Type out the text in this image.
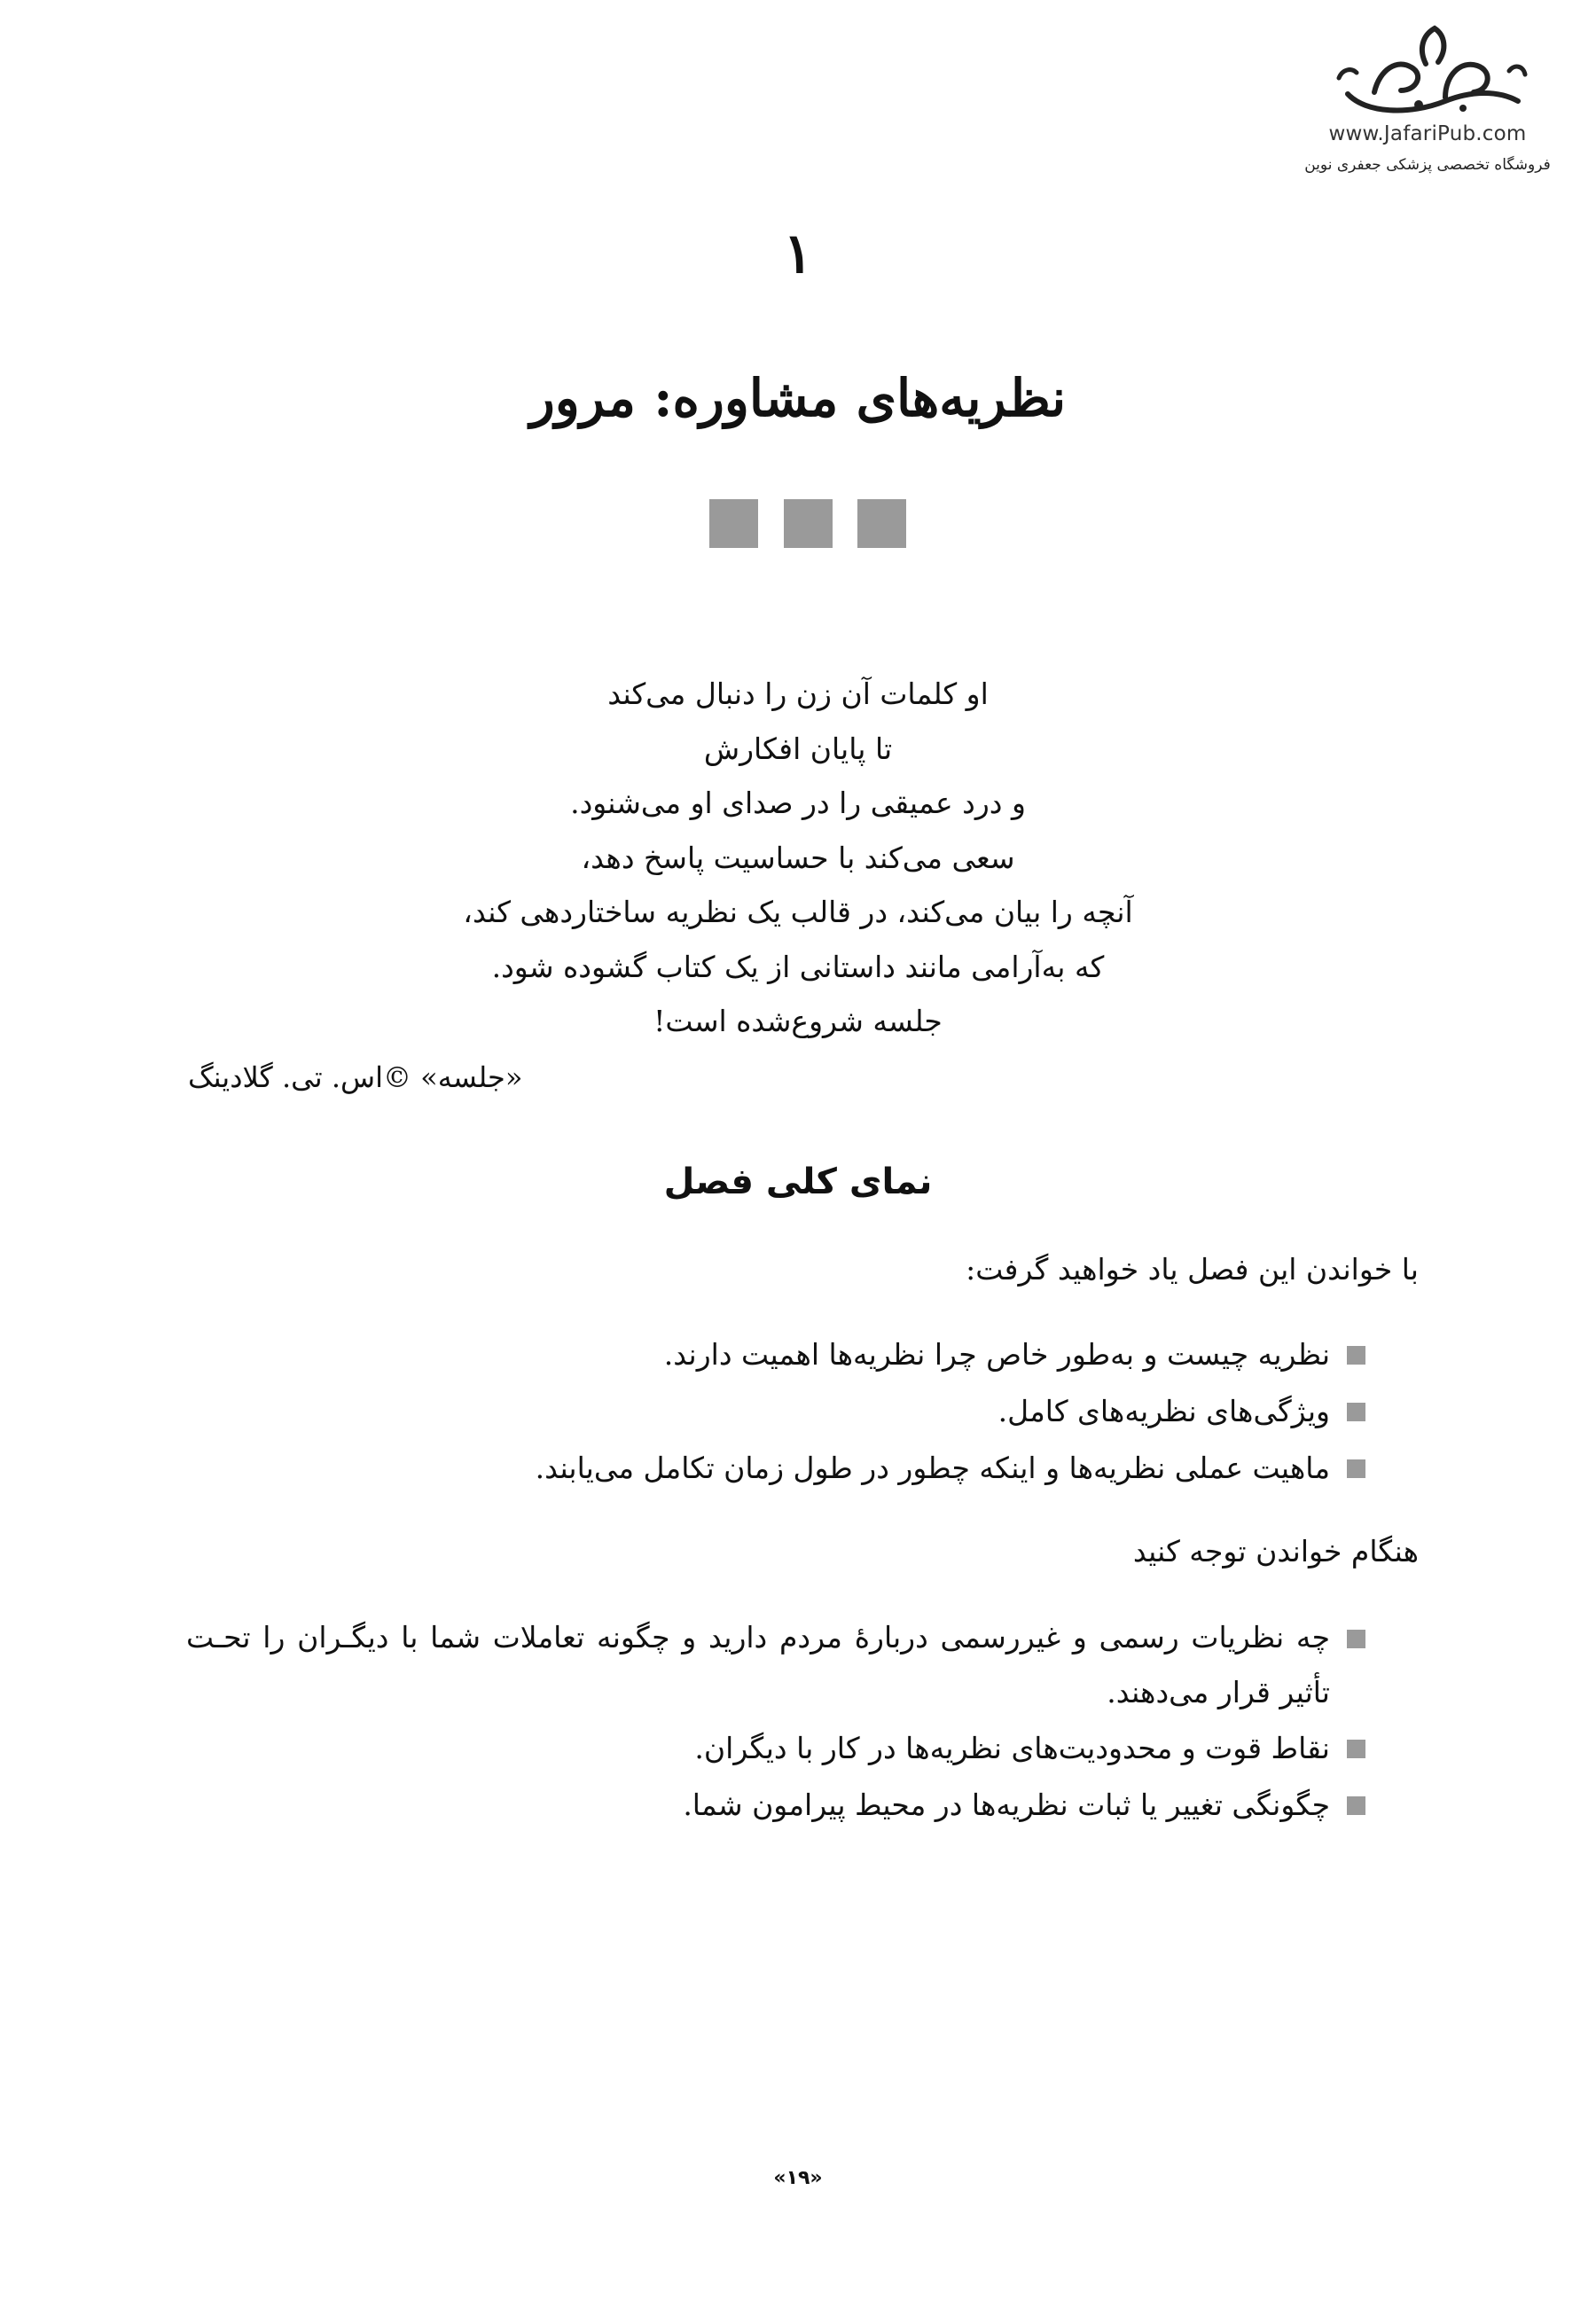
www.JafariPub.com
فروشگاه تخصصی پزشکی جعفری نوین
۱
نظریه‌های مشاوره: مرور
او کلمات آن زن را دنبال می‌کند
تا پایان افکارش
و درد عمیقی را در صدای او می‌شنود.
سعی می‌کند با حساسیت پاسخ دهد،
آنچه را بیان می‌کند، در قالب یک نظریه ساختاردهی کند،
که به‌آرامی مانند داستانی از یک کتاب گشوده شود.
جلسه شروع‌شده است!
«جلسه» ©اس. تی. گلادینگ
نمای کلی فصل
با خواندن این فصل یاد خواهید گرفت:
نظریه چیست و به‌طور خاص چرا نظریه‌ها اهمیت دارند.
ویژگی‌های نظریه‌های کامل.
ماهیت عملی نظریه‌ها و اینکه چطور در طول زمان تکامل می‌یابند.
هنگام خواندن توجه کنید
چه نظریات رسمی و غیررسمی دربارهٔ مردم دارید و چگونه تعاملات شما با دیگـران را تحـت تأثیر قرار می‌دهند.
نقاط قوت و محدودیت‌های نظریه‌ها در کار با دیگران.
چگونگی تغییر یا ثبات نظریه‌ها در محیط پیرامون شما.
«۱۹»
